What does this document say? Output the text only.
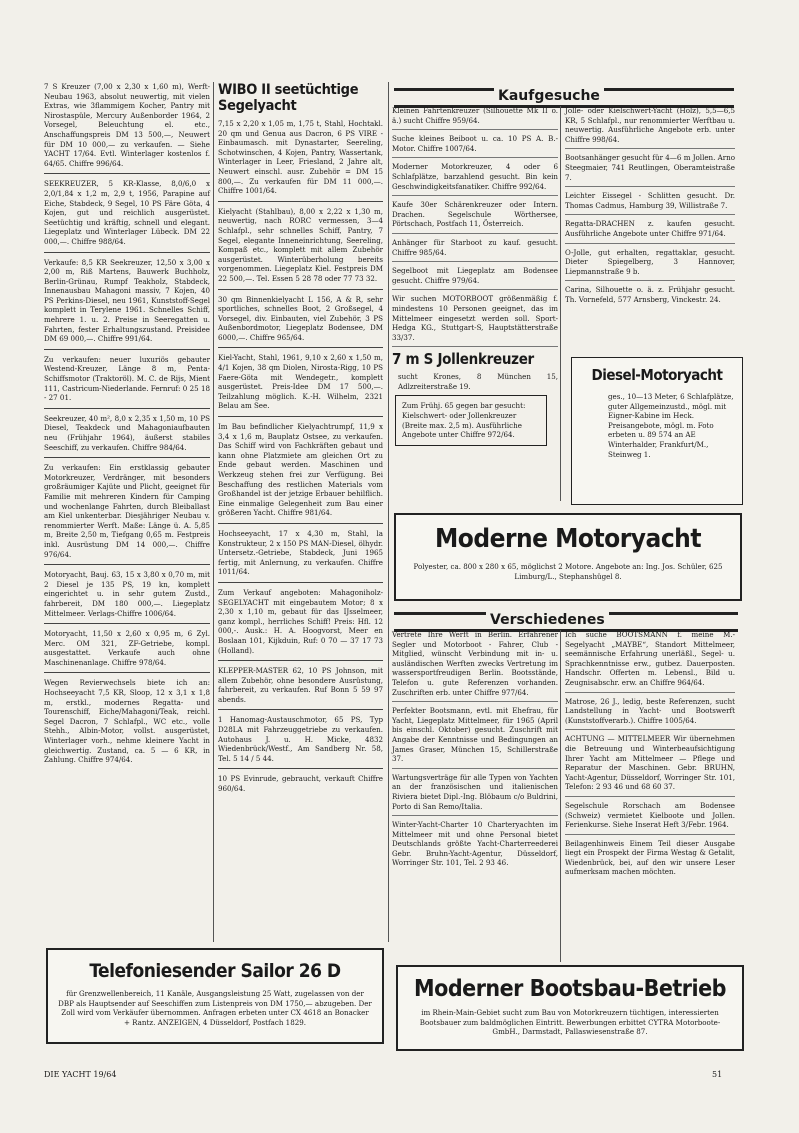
7 S Kreuzer (7,00 x 2,30 x 1,60 m), Werft-Neubau 1963, absolut neuwertig, mit vielen Extras, wie 3flammigem Kocher, Pantry mit Nirostaspüle, Mercury Außenborder 1964, 2 Vorsegel, Beleuchtung el. etc., Anschaffungspreis DM 13 500,—, Neuwert für DM 10 000,— zu verkaufen. — Siehe YACHT 17/64. Evtl. Winterlager kostenlos f. 64/65. Chiffre 996/64.

SEEKREUZER, 5 KR-Klasse, 8,0/6,0 x 2,0/1,84 x 1,2 m, 2,9 t, 1956, Parapine auf Eiche, Stabdeck, 9 Segel, 10 PS Färe Göta, 4 Kojen, gut und reichlich ausgerüstet. Seetüchtig und kräftig, schnell und elegant. Liegeplatz und Winterlager Lübeck. DM 22 000,—. Chiffre 988/64.

Verkaufe: 8,5 KR Seekreuzer, 12,50 x 3,00 x 2,00 m, Riß Martens, Bauwerk Buchholz, Berlin-Grünau, Rumpf Teakholz, Stabdeck, Innenausbau Mahagoni massiv, 7 Kojen, 40 PS Perkins-Diesel, neu 1961, Kunststoff-Segel komplett in Terylene 1961. Schnelles Schiff, mehrere 1. u. 2. Preise in Seeregatten u. Fahrten, fester Erhaltungszustand. Preisidee DM 69 000,—. Chiffre 991/64.

Zu verkaufen: neuer luxuriös gebauter Westend-Kreuzer, Länge 8 m, Penta-Schiffsmotor (Traktoröl). M. C. de Rijs, Mient 111, Castricum-Niederlande. Fernruf: 0 25 18 - 27 01.

Seekreuzer, 40 m², 8,0 x 2,35 x 1,50 m, 10 PS Diesel, Teakdeck und Mahagoniaufbauten neu (Frühjahr 1964), äußerst stabiles Seeschiff, zu verkaufen. Chiffre 984/64.

Zu verkaufen: Ein erstklassig gebauter Motorkreuzer, Verdränger, mit besonders großräumiger Kajüte und Plicht, geeignet für Familie mit mehreren Kindern für Camping und wochenlange Fahrten, durch Bleiballast am Kiel unkenterbar. Diesjähriger Neubau v. renommierter Werft. Maße: Länge ü. A. 5,85 m, Breite 2,50 m, Tiefgang 0,65 m. Festpreis inkl. Ausrüstung DM 14 000,—. Chiffre 976/64.

Motoryacht, Bauj. 63, 15 x 3,80 x 0,70 m, mit 2 Diesel je 135 PS, 19 kn, komplett eingerichtet u. in sehr gutem Zustd., fahrbereit, DM 180 000,—. Liegeplatz Mittelmeer. Verlags-Chiffre 1006/64.

Motoryacht, 11,50 x 2,60 x 0,95 m, 6 Zyl. Merc. OM 321, ZF-Getriebe, kompl. ausgestattet. Verkaufe auch ohne Maschinenanlage. Chiffre 978/64.

Wegen Revierwechsels biete ich an: Hochseeyacht 7,5 KR, Sloop, 12 x 3,1 x 1,8 m, erstkl., modernes Regatta- und Tourenschiff, Eiche/Mahagoni/Teak, reichl. Segel Dacron, 7 Schlafpl., WC etc., volle Stehh., Albin-Motor, vollst. ausgerüstet, Winterlager vorh., nehme kleinere Yacht in gleichwertig. Zustand, ca. 5 — 6 KR, in Zahlung. Chiffre 974/64.

WIBO II seetüchtige Segelyacht

7,15 x 2,20 x 1,05 m, 1,75 t, Stahl, Hochtakl. 20 qm und Genua aus Dacron, 6 PS VIRE - Einbaumasch. mit Dynastarter, Seereling, Schotwinschen, 4 Kojen, Pantry, Wassertank, Winterlager in Leer, Friesland, 2 Jahre alt, Neuwert einschl. ausr. Zubehör = DM 15 800,—. Zu verkaufen für DM 11 000,—. Chiffre 1001/64.

Kielyacht (Stahlbau), 8,00 x 2,22 x 1,30 m, neuwertig, nach RORC vermessen, 3—4 Schlafpl., sehr schnelles Schiff, Pantry, 7 Segel, elegante Inneneinrichtung, Seereling, Kompaß etc., komplett mit allem Zubehör ausgerüstet. Winterüberholung bereits vorgenommen. Liegeplatz Kiel. Festpreis DM 22 500,—. Tel. Essen 5 28 78 oder 77 73 32.

30 qm Binnenkielyacht L 156, A & R, sehr sportliches, schnelles Boot, 2 Großsegel, 4 Vorsegel, div. Einbauten, viel Zubehör, 3 PS Außenbordmotor, Liegeplatz Bodensee, DM 6000,—. Chiffre 965/64.

Kiel-Yacht, Stahl, 1961, 9,10 x 2,60 x 1,50 m, 4/1 Kojen, 38 qm Diolen, Nirosta-Rigg, 10 PS Faere-Göta mit Wendegetr., komplett ausgerüstet. Preis-Idee DM 17 500,—. Teilzahlung möglich. K.-H. Wilhelm, 2321 Belau am See.

Im Bau befindlicher Kielyachtrumpf, 11,9 x 3,4 x 1,6 m, Bauplatz Ostsee, zu verkaufen. Das Schiff wird von Fachkräften gebaut und kann ohne Platzmiete am gleichen Ort zu Ende gebaut werden. Maschinen und Werkzeug stehen frei zur Verfügung. Bei Beschaffung des restlichen Materials vom Großhandel ist der jetzige Erbauer behilflich. Eine einmalige Gelegenheit zum Bau einer größeren Yacht. Chiffre 981/64.

Hochseeyacht, 17 x 4,30 m, Stahl, la Konstrukteur, 2 x 150 PS MAN-Diesel, ölhydr. Untersetz.-Getriebe, Stabdeck, Juni 1965 fertig, mit Anlernung, zu verkaufen. Chiffre 1011/64.

Zum Verkauf angeboten: Mahagoniholz-SEGELYACHT mit eingebautem Motor; 8 x 2,30 x 1,10 m, gebaut für das IJsselmeer, ganz kompl., herrliches Schiff! Preis: Hfl. 12 000,-. Ausk.: H. A. Hoogvorst, Meer en Boslaan 101, Kijkduin, Ruf: 0 70 — 37 17 73 (Holland).

KLEPPER-MASTER 62, 10 PS Johnson, mit allem Zubehör, ohne besondere Ausrüstung, fahrbereit, zu verkaufen. Ruf Bonn 5 59 97 abends.

1 Hanomag-Austauschmotor, 65 PS, Typ D28LA mit Fahrzeuggetriebe zu verkaufen. Autohaus J. u. H. Micke, 4832 Wiedenbrück/Westf., Am Sandberg Nr. 58, Tel. 5 14 / 5 44.

10 PS Evinrude, gebraucht, verkauft Chiffre 960/64.

Kaufgesuche

Kleinen Fahrtenkreuzer (Silhouette Mk II o. ä.) sucht Chiffre 959/64.

Suche kleines Beiboot u. ca. 10 PS A. B.-Motor. Chiffre 1007/64.

Moderner Motorkreuzer, 4 oder 6 Schlafplätze, barzahlend gesucht. Bin kein Geschwindigkeitsfanatiker. Chiffre 992/64.

Kaufe 30er Schärenkreuzer oder Intern. Drachen. Segelschule Wörthersee, Pörtschach, Postfach 11, Österreich.

Anhänger für Starboot zu kauf. gesucht. Chiffre 985/64.

Segelboot mit Liegeplatz am Bodensee gesucht. Chiffre 979/64.

Wir suchen MOTORBOOT größenmäßig f. mindestens 10 Personen geeignet, das im Mittelmeer eingesetzt werden soll. Sport-Hedga KG., Stuttgart-S, Hauptstätterstraße 33/37.

7 m S Jollenkreuzer

sucht Krones, 8 München 15, Adlzreiterstraße 19.

Zum Frühj. 65 gegen bar gesucht: Kielschwert- oder Jollenkreuzer (Breite max. 2,5 m). Ausführliche Angebote unter Chiffre 972/64.

Jolle- oder Kielschwert-Yacht (Holz), 5,5—6,5 KR, 5 Schlafpl., nur renommierter Werftbau u. neuwertig. Ausführliche Angebote erb. unter Chiffre 998/64.

Bootsanhänger gesucht für 4—6 m Jollen. Arno Steegmaier, 741 Reutlingen, Oberamteistraße 7.

Leichter Eissegel - Schlitten gesucht. Dr. Thomas Cadmus, Hamburg 39, Willistraße 7.

Regatta-DRACHEN z. kaufen gesucht. Ausführliche Angebote unter Chiffre 971/64.

O-Jolle, gut erhalten, regattaklar, gesucht. Dieter Spiegelberg, 3 Hannover, Liepmannstraße 9 b.

Carina, Silhouette o. ä. z. Frühjahr gesucht. Th. Vornefeld, 577 Arnsberg, Vinckestr. 24.

Diesel-Motoryacht
ges., 10—13 Meter, 6 Schlafplätze, guter Allgemeinzustd., mögl. mit Eigner-Kabine im Heck. Preisangebote, mögl. m. Foto erbeten u. 89 574 an AE Winterhalder, Frankfurt/M., Steinweg 1.
Moderne Motoryacht
Polyester, ca. 800 x 280 x 65, möglichst 2 Motore. Angebote an: Ing. Jos. Schüler, 625 Limburg/L., Stephanshügel 8.
Verschiedenes

Vertrete Ihre Werft in Berlin. Erfahrener Segler und Motorboot - Fahrer, Club - Mitglied, wünscht Verbindung mit in- u. ausländischen Werften zwecks Vertretung im wassersportfreudigen Berlin. Bootsstände, Telefon u. gute Referenzen vorhanden. Zuschriften erb. unter Chiffre 977/64.

Perfekter Bootsmann, evtl. mit Ehefrau, für Yacht, Liegeplatz Mittelmeer, für 1965 (April bis einschl. Oktober) gesucht. Zuschrift mit Angabe der Kenntnisse und Bedingungen an James Graser, München 15, Schillerstraße 37.

Wartungsverträge für alle Typen von Yachten an der französischen und italienischen Riviera bietet Dipl.-Ing. Blöbaum c/o Buldrini, Porto di San Remo/Italia.

Winter-Yacht-Charter 10 Charteryachten im Mittelmeer mit und ohne Personal bietet Deutschlands größte Yacht-Charterreederei Gebr. Bruhn-Yacht-Agentur, Düsseldorf, Worringer Str. 101, Tel. 2 93 46.

Ich suche BOOTSMANN f. meine M.-Segelyacht „MAYBE“, Standort Mittelmeer, seemännische Erfahrung unerläßl., Segel- u. Sprachkenntnisse erw., gutbez. Dauerposten. Handschr. Offerten m. Lebensl., Bild u. Zeugnisabschr. erw. an Chiffre 964/64.

Matrose, 26 J., ledig, beste Referenzen, sucht Landstellung in Yacht- und Bootswerft (Kunststoffverarb.). Chiffre 1005/64.

ACHTUNG — MITTELMEER Wir übernehmen die Betreuung und Winterbeaufsichtigung Ihrer Yacht am Mittelmeer — Pflege und Reparatur der Maschinen. Gebr. BRUHN, Yacht-Agentur, Düsseldorf, Worringer Str. 101, Telefon: 2 93 46 und 68 60 37.

Segelschule Rorschach am Bodensee (Schweiz) vermietet Kielboote und Jollen. Ferienkurse. Siehe Inserat Heft 3/Febr. 1964.

Beilagenhinweis Einem Teil dieser Ausgabe liegt ein Prospekt der Firma Westag & Getalit, Wiedenbrück, bei, auf den wir unsere Leser aufmerksam machen möchten.

Telefoniesender Sailor 26 D
für Grenzwellenbereich, 11 Kanäle, Ausgangsleistung 25 Watt, zugelassen von der DBP als Hauptsender auf Seeschiffen zum Listenpreis von DM 1750,— abzugeben. Der Zoll wird vom Verkäufer übernommen. Anfragen erbeten unter CX 4618 an Bonacker + Rantz. ANZEIGEN, 4 Düsseldorf, Postfach 1829.
Moderner Bootsbau-Betrieb
im Rhein-Main-Gebiet sucht zum Bau von Motorkreuzern tüchtigen, interessierten Bootsbauer zum baldmöglichen Eintritt. Bewerbungen erbittet CYTRA Motorboote-GmbH., Darmstadt, Pallaswiesenstraße 87.
DIE YACHT 19/64	51
